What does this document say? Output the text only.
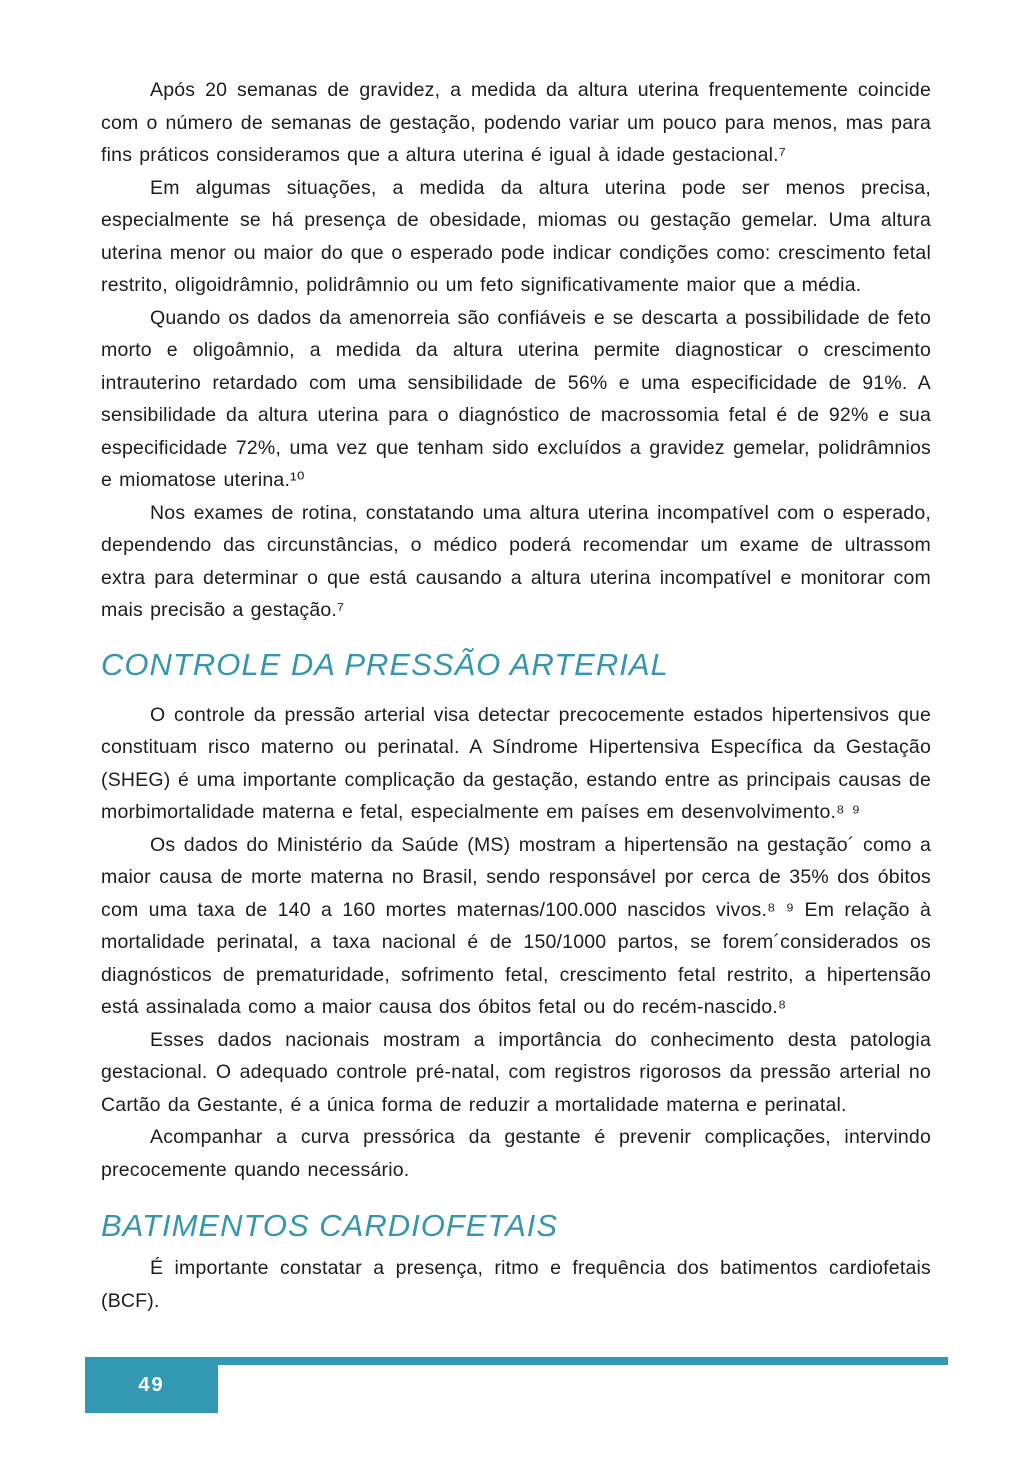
Após 20 semanas de gravidez, a medida da altura uterina frequentemente coincide com o número de semanas de gestação, podendo variar um pouco para menos, mas para fins práticos consideramos que a altura uterina é igual à idade gestacional.⁷

Em algumas situações, a medida da altura uterina pode ser menos precisa, especialmente se há presença de obesidade, miomas ou gestação gemelar. Uma altura uterina menor ou maior do que o esperado pode indicar condições como: crescimento fetal restrito, oligoidrâmnio, polidrâmnio ou um feto significativamente maior que a média.

Quando os dados da amenorreia são confiáveis e se descarta a possibilidade de feto morto e oligoâmnio, a medida da altura uterina permite diagnosticar o crescimento intrauterino retardado com uma sensibilidade de 56% e uma especificidade de 91%. A sensibilidade da altura uterina para o diagnóstico de macrossomia fetal é de 92% e sua especificidade 72%, uma vez que tenham sido excluídos a gravidez gemelar, polidrâmnios e miomatose uterina.¹⁰

Nos exames de rotina, constatando uma altura uterina incompatível com o esperado, dependendo das circunstâncias, o médico poderá recomendar um exame de ultrassom extra para determinar o que está causando a altura uterina incompatível e monitorar com mais precisão a gestação.⁷

CONTROLE DA PRESSÃO ARTERIAL

O controle da pressão arterial visa detectar precocemente estados hipertensivos que constituam risco materno ou perinatal. A Síndrome Hipertensiva Específica da Gestação (SHEG) é uma importante complicação da gestação, estando entre as principais causas de morbimortalidade materna e fetal, especialmente em países em desenvolvimento.⁸ ⁹

Os dados do Ministério da Saúde (MS) mostram a hipertensão na gestação´ como a maior causa de morte materna no Brasil, sendo responsável por cerca de 35% dos óbitos com uma taxa de 140 a 160 mortes maternas/100.000 nascidos vivos.⁸ ⁹ Em relação à mortalidade perinatal, a taxa nacional é de 150/1000 partos, se forem´considerados os diagnósticos de prematuridade, sofrimento fetal, crescimento fetal restrito, a hipertensão está assinalada como a maior causa dos óbitos fetal ou do recém-nascido.⁸

Esses dados nacionais mostram a importância do conhecimento desta patologia gestacional. O adequado controle pré-natal, com registros rigorosos da pressão arterial no Cartão da Gestante, é a única forma de reduzir a mortalidade materna e perinatal.

Acompanhar a curva pressórica da gestante é prevenir complicações, intervindo precocemente quando necessário.

BATIMENTOS CARDIOFETAIS

É importante constatar a presença, ritmo e frequência dos batimentos cardiofetais (BCF).

49
